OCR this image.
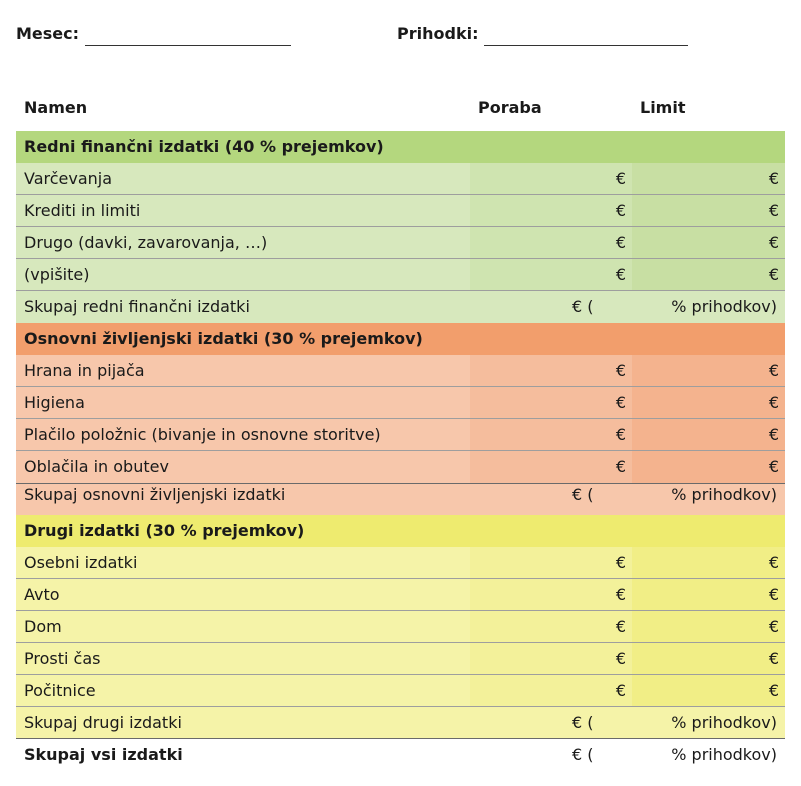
Mesec:	Prihodki:
Namen	Poraba	Limit
Redni finančni izdatki (40 % prejemkov)
Varčevanja	€	€
Krediti in limiti	€	€
Drugo (davki, zavarovanja, …)	€	€
(vpišite)	€	€
Skupaj redni finančni izdatki	€ (	% prihodkov)
Osnovni življenjski izdatki (30 % prejemkov)
Hrana in pijača	€	€
Higiena	€	€
Plačilo položnic (bivanje in osnovne storitve)	€	€
Oblačila in obutev	€	€
Skupaj osnovni življenjski izdatki	€ (	% prihodkov)
Drugi izdatki (30 % prejemkov)
Osebni izdatki	€	€
Avto	€	€
Dom	€	€
Prosti čas	€	€
Počitnice	€	€
Skupaj drugi izdatki	€ (	% prihodkov)
Skupaj vsi izdatki	€ (	% prihodkov)
